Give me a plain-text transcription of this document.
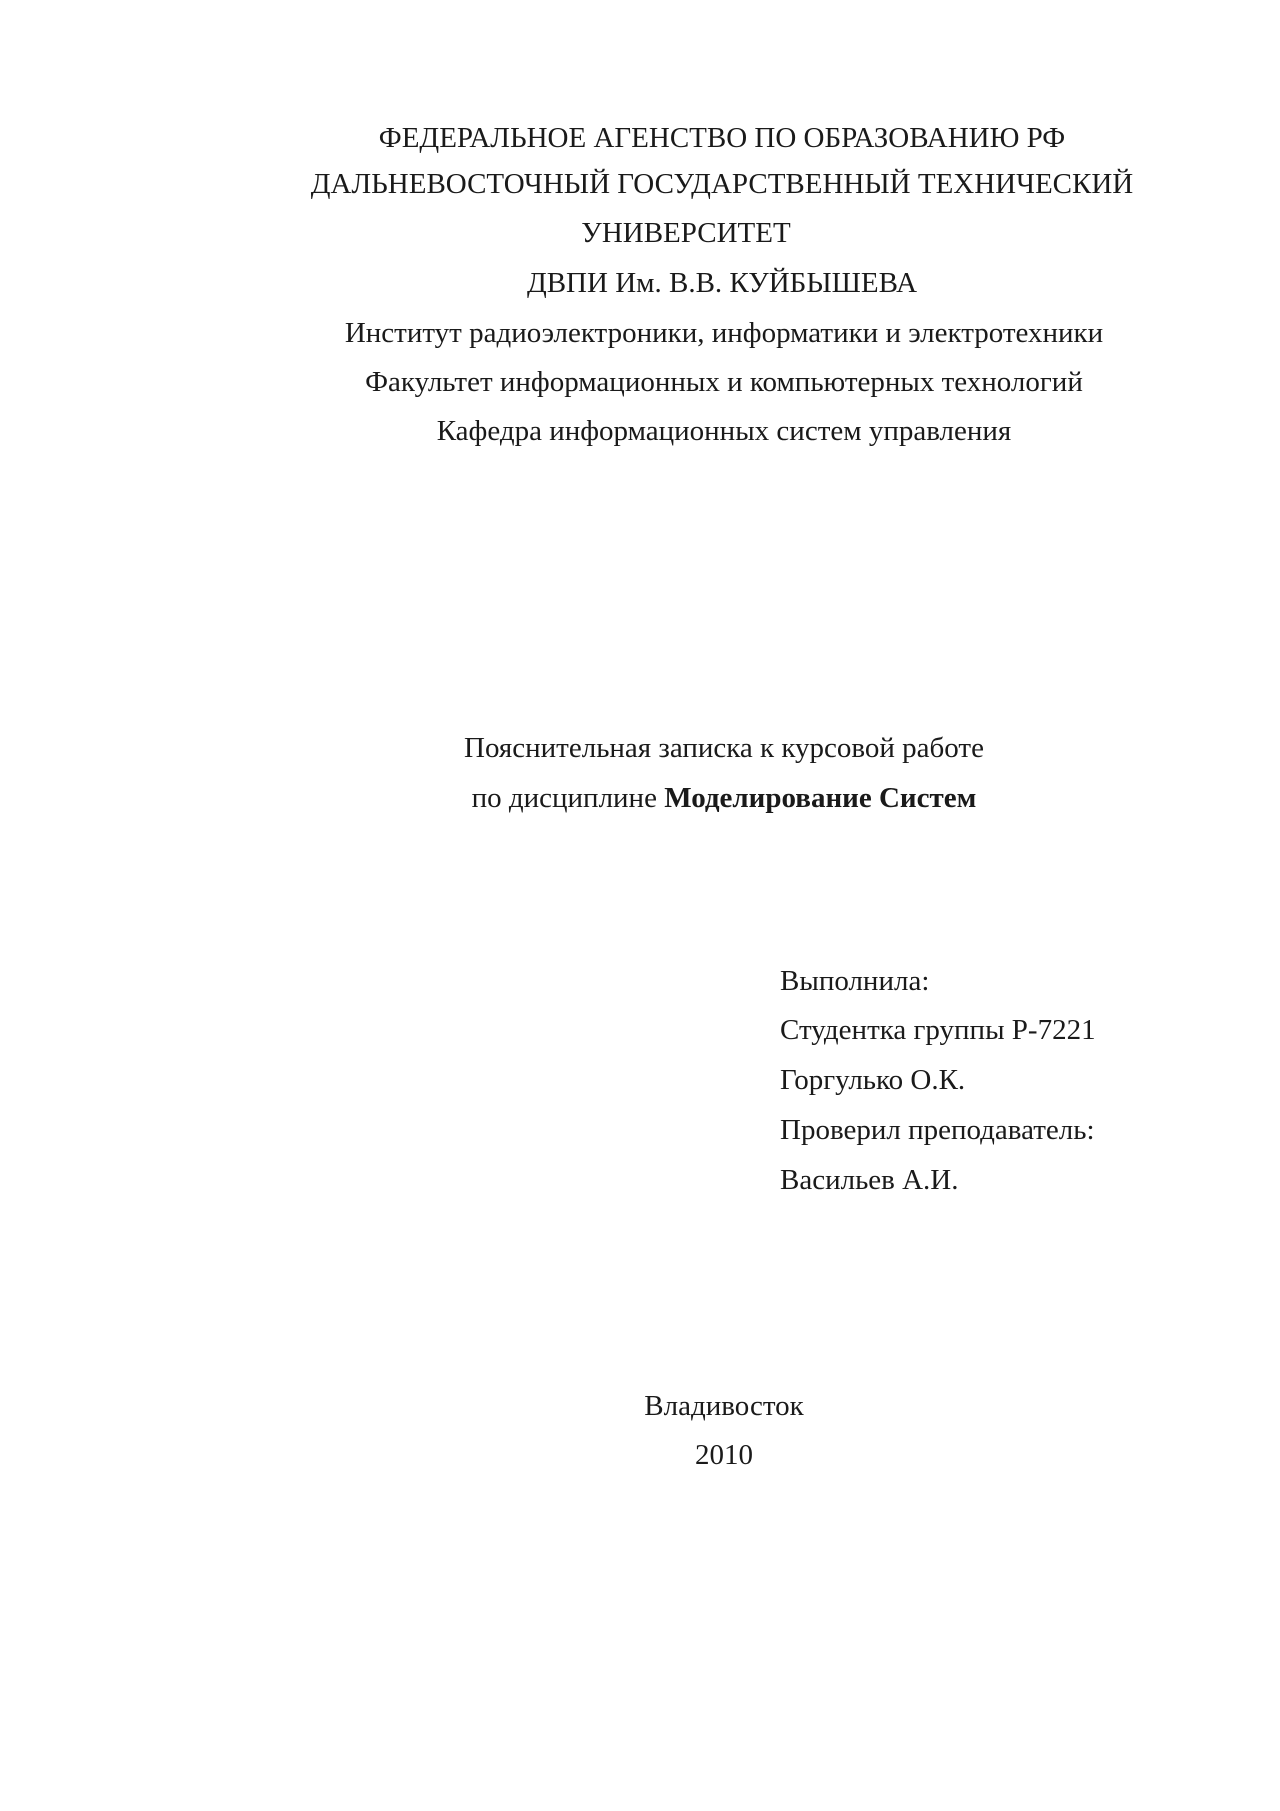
ФЕДЕРАЛЬНОЕ АГЕНСТВО ПО ОБРАЗОВАНИЮ РФ
ДАЛЬНЕВОСТОЧНЫЙ ГОСУДАРСТВЕННЫЙ ТЕХНИЧЕСКИЙ
УНИВЕРСИТЕТ
ДВПИ Им. В.В. КУЙБЫШЕВА
Институт радиоэлектроники, информатики и электротехники
Факультет информационных и компьютерных технологий
Кафедра информационных систем управления
Пояснительная записка к курсовой работе
по дисциплине Моделирование Систем
Выполнила:
Студентка группы Р-7221
Горгулько О.К.
Проверил преподаватель:
Васильев А.И.
Владивосток
2010
